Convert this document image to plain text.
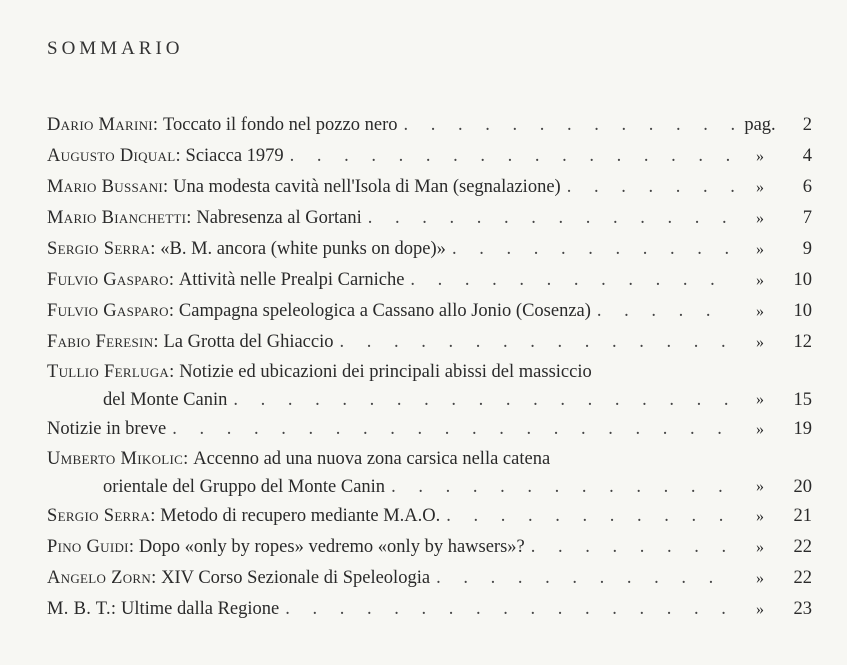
SOMMARIO
Dario Marini:
Toccato il fondo nel pozzo nero . . .	pag.	2
Augusto Diqual:
Sciacca 1979 . . .	»	4
Mario Bussani:
Una modesta cavità nell'Isola di Man (segnalazione) . . .	»	6
Mario Bianchetti:
Nabresenza al Gortani . . .	»	7
Sergio Serra:
«B. M. ancora (white punks on dope)» . . .	»	9
Fulvio Gasparo:
Attività nelle Prealpi Carniche . . .	»	10
Fulvio Gasparo:
Campagna speleologica a Cassano allo Jonio (Cosenza) . . .	»	10
Fabio Feresin:
La Grotta del Ghiaccio . . .	»	12
Tullio Ferluga: Notizie ed ubicazioni dei principali abissi del massiccio
del Monte Canin . . .	»	15
Notizie in breve . . .	»	19
Umberto Mikolic: Accenno ad una nuova zona carsica nella catena
orientale del Gruppo del Monte Canin . . .	»	20
Sergio Serra:
Metodo di recupero mediante M.A.O. . . .	»	21
Pino Guidi:
Dopo «only by ropes» vedremo «only by hawsers»? . . .	»	22
Angelo Zorn:
XIV Corso Sezionale di Speleologia . . .	»	22
M. B. T.:
Ultime dalla Regione . . .	»	23
